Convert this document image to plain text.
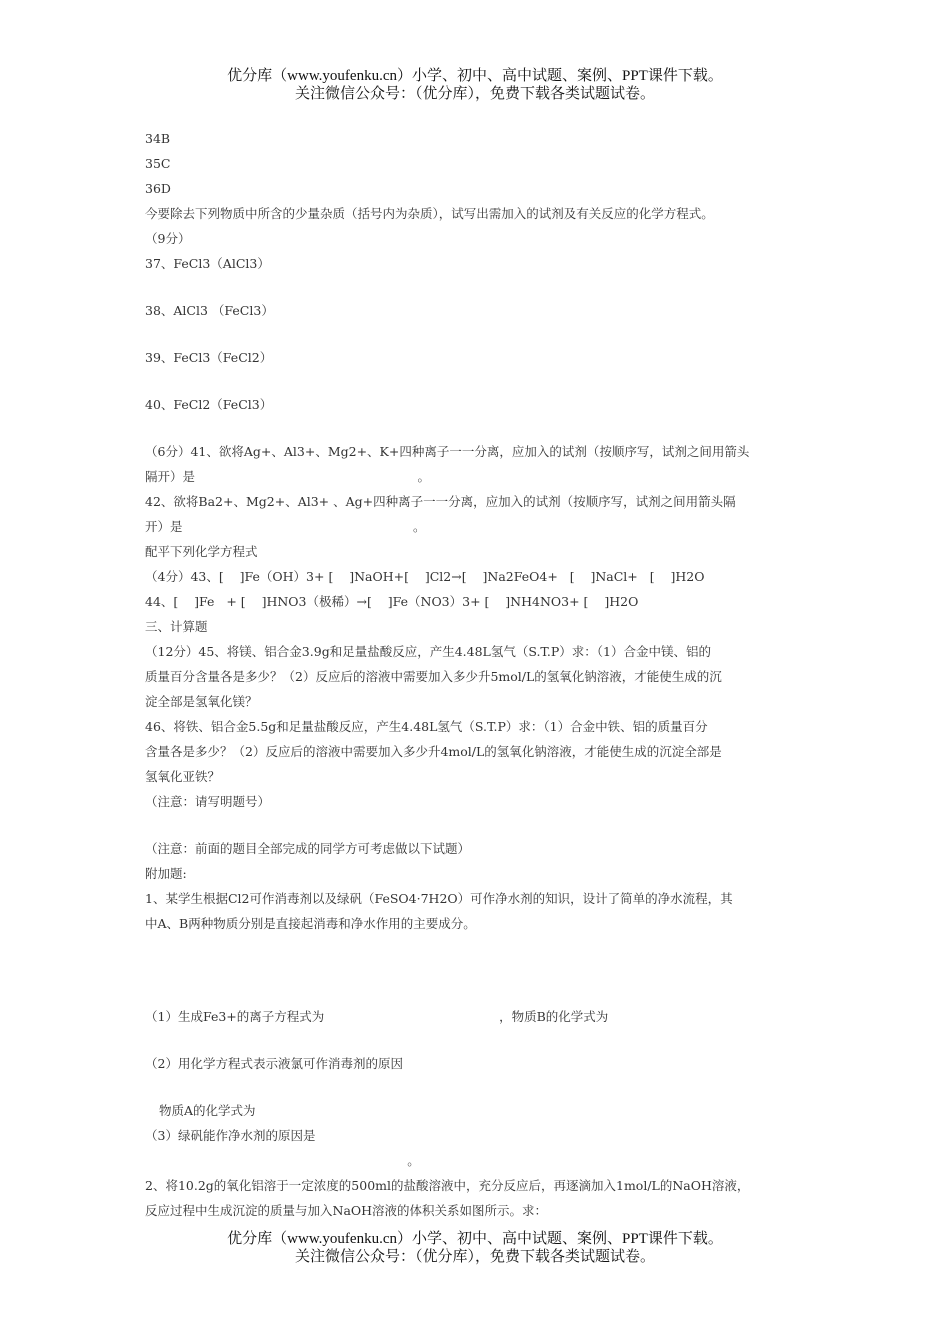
优分库（www.youfenku.cn）小学、初中、高中试题、案例、PPT课件下载。
关注微信公众号：（优分库），免费下载各类试题试卷。

34B

35C

36D

今要除去下列物质中所含的少量杂质（括号内为杂质），试写出需加入的试剂及有关反应的化学方程式。

（9分）

37、FeCl3（AlCl3）

38、AlCl3 （FeCl3）

39、FeCl3（FeCl2）

40、FeCl2（FeCl3）

（6分）41、欲将Ag+、Al3+、Mg2+、K+四种离子一一分离，应加入的试剂（按顺序写，试剂之间用箭头

隔开）是                                                        。

42、欲将Ba2+、Mg2+、Al3+ 、Ag+四种离子一一分离，应加入的试剂（按顺序写，试剂之间用箭头隔

开）是                                                          。

配平下列化学方程式

（4分）43、[    ]Fe（OH）3+ [    ]NaOH+[    ]Cl2→[    ]Na2FeO4+   [    ]NaCl+   [    ]H2O

44、[    ]Fe   + [    ]HNO3（极稀）→[    ]Fe（NO3）3+ [    ]NH4NO3+ [    ]H2O

三、计算题

（12分）45、将镁、铝合金3.9g和足量盐酸反应，产生4.48L氢气（S.T.P）求：（1）合金中镁、铝的

质量百分含量各是多少？（2）反应后的溶液中需要加入多少升5mol/L的氢氧化钠溶液，才能使生成的沉

淀全部是氢氧化镁？

46、将铁、铝合金5.5g和足量盐酸反应，产生4.48L氢气（S.T.P）求：（1）合金中铁、铝的质量百分

含量各是多少？（2）反应后的溶液中需要加入多少升4mol/L的氢氧化钠溶液，才能使生成的沉淀全部是

氢氧化亚铁？

（注意：请写明题号）

（注意：前面的题目全部完成的同学方可考虑做以下试题）

附加题:

1、某学生根据Cl2可作消毒剂以及绿矾（FeSO4·7H2O）可作净水剂的知识，设计了简单的净水流程，其

中A、B两种物质分别是直接起消毒和净水作用的主要成分。

（1）生成Fe3+的离子方程式为                                            ，物质B的化学式为

（2）用化学方程式表示液氯可作消毒剂的原因

物质A的化学式为

（3）绿矾能作净水剂的原因是

。

2、将10.2g的氧化铝溶于一定浓度的500ml的盐酸溶液中，充分反应后，再逐滴加入1mol/L的NaOH溶液，

反应过程中生成沉淀的质量与加入NaOH溶液的体积关系如图所示。求：

优分库（www.youfenku.cn）小学、初中、高中试题、案例、PPT课件下载。
关注微信公众号：（优分库），免费下载各类试题试卷。
